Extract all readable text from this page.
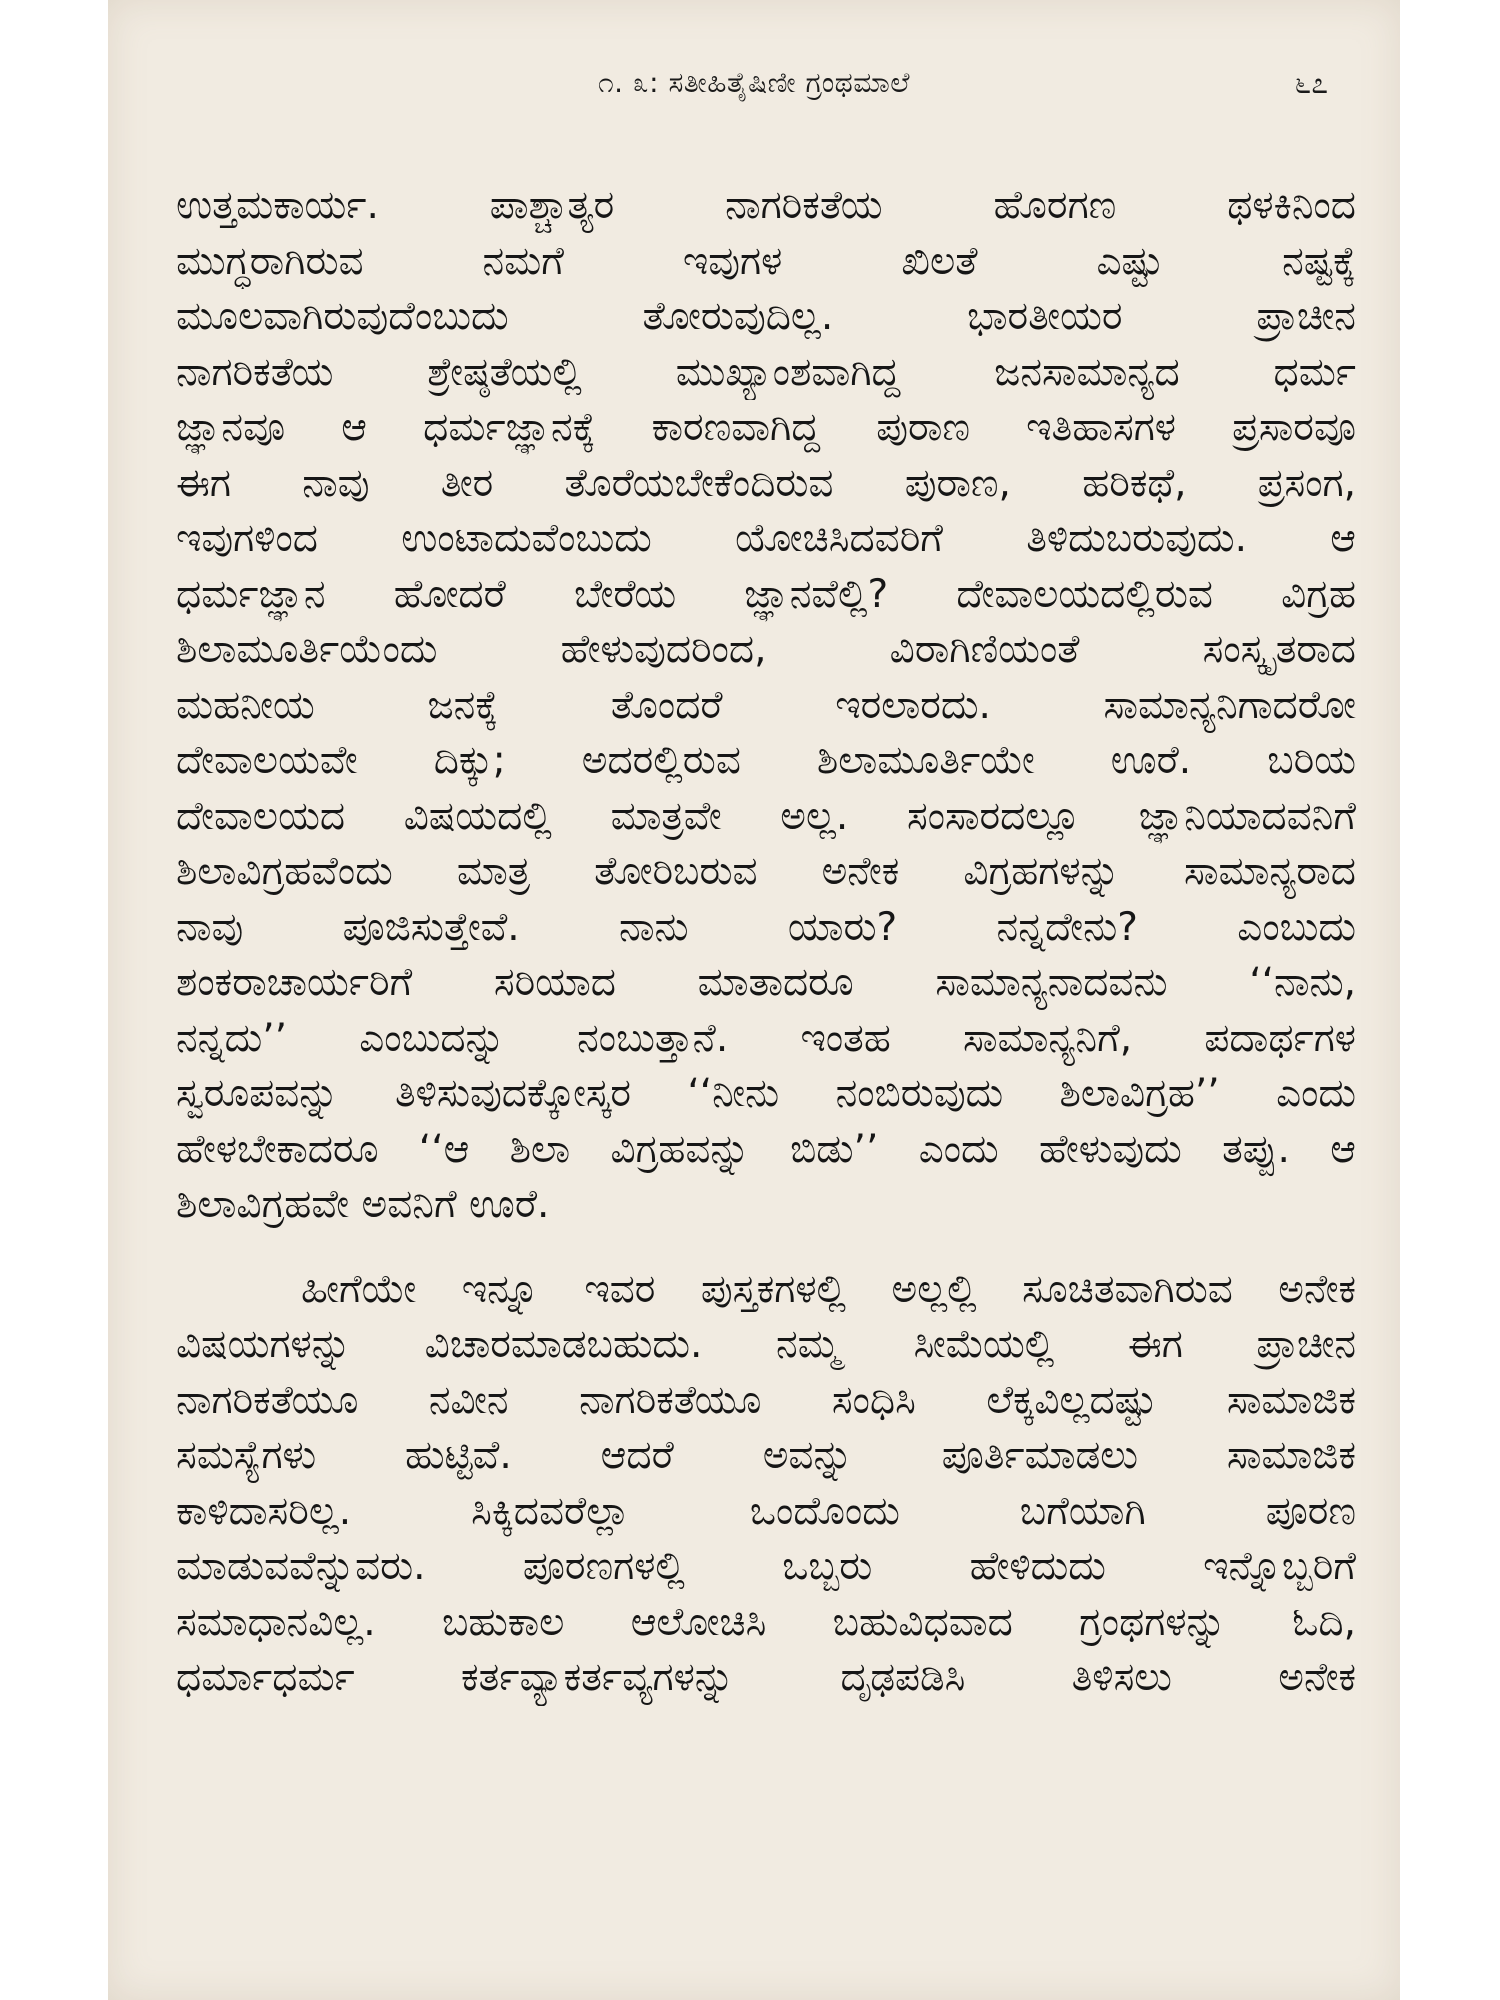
೧. ೩: ಸತೀಹಿತೈಷಿಣೀ ಗ್ರಂಥಮಾಲೆ	೬೭
ಉತ್ತಮಕಾರ್ಯ. ಪಾಶ್ಚಾತ್ಯರ ನಾಗರಿಕತೆಯ ಹೊರಗಣ ಥಳಕಿನಿಂದ
ಮುಗ್ಧರಾಗಿರುವ ನಮಗೆ ಇವುಗಳ ಖಿಲತೆ ಎಷ್ಟು ನಷ್ಟಕ್ಕೆ
ಮೂಲವಾಗಿರುವುದೆಂಬುದು ತೋರುವುದಿಲ್ಲ. ಭಾರತೀಯರ ಪ್ರಾಚೀನ
ನಾಗರಿಕತೆಯ ಶ್ರೇಷ್ಠತೆಯಲ್ಲಿ ಮುಖ್ಯಾಂಶವಾಗಿದ್ದ ಜನಸಾಮಾನ್ಯದ ಧರ್ಮ
ಜ್ಞಾನವೂ ಆ ಧರ್ಮಜ್ಞಾನಕ್ಕೆ ಕಾರಣವಾಗಿದ್ದ ಪುರಾಣ ಇತಿಹಾಸಗಳ ಪ್ರಸಾರವೂ
ಈಗ ನಾವು ತೀರ ತೊರೆಯಬೇಕೆಂದಿರುವ ಪುರಾಣ, ಹರಿಕಥೆ, ಪ್ರಸಂಗ,
ಇವುಗಳಿಂದ ಉಂಟಾದುವೆಂಬುದು ಯೋಚಿಸಿದವರಿಗೆ ತಿಳಿದುಬರುವುದು. ಆ
ಧರ್ಮಜ್ಞಾನ ಹೋದರೆ ಬೇರೆಯ ಜ್ಞಾನವೆಲ್ಲಿ? ದೇವಾಲಯದಲ್ಲಿರುವ ವಿಗ್ರಹ
ಶಿಲಾಮೂರ್ತಿಯೆಂದು ಹೇಳುವುದರಿಂದ, ವಿರಾಗಿಣಿಯಂತೆ ಸಂಸ್ಕೃತರಾದ
ಮಹನೀಯ ಜನಕ್ಕೆ ತೊಂದರೆ ಇರಲಾರದು. ಸಾಮಾನ್ಯನಿಗಾದರೋ
ದೇವಾಲಯವೇ ದಿಕ್ಕು; ಅದರಲ್ಲಿರುವ ಶಿಲಾಮೂರ್ತಿಯೇ ಊರೆ. ಬರಿಯ
ದೇವಾಲಯದ ವಿಷಯದಲ್ಲಿ ಮಾತ್ರವೇ ಅಲ್ಲ. ಸಂಸಾರದಲ್ಲೂ ಜ್ಞಾನಿಯಾದವನಿಗೆ
ಶಿಲಾವಿಗ್ರಹವೆಂದು ಮಾತ್ರ ತೋರಿಬರುವ ಅನೇಕ ವಿಗ್ರಹಗಳನ್ನು ಸಾಮಾನ್ಯರಾದ
ನಾವು ಪೂಜಿಸುತ್ತೇವೆ. ನಾನು ಯಾರು? ನನ್ನದೇನು? ಎಂಬುದು
ಶಂಕರಾಚಾರ್ಯರಿಗೆ ಸರಿಯಾದ ಮಾತಾದರೂ ಸಾಮಾನ್ಯನಾದವನು ‘‘ನಾನು,
ನನ್ನದು’’ ಎಂಬುದನ್ನು ನಂಬುತ್ತಾನೆ. ಇಂತಹ ಸಾಮಾನ್ಯನಿಗೆ, ಪದಾರ್ಥಗಳ
ಸ್ವರೂಪವನ್ನು ತಿಳಿಸುವುದಕ್ಕೋಸ್ಕರ ‘‘ನೀನು ನಂಬಿರುವುದು ಶಿಲಾವಿಗ್ರಹ’’ ಎಂದು
ಹೇಳಬೇಕಾದರೂ ‘‘ಆ ಶಿಲಾ ವಿಗ್ರಹವನ್ನು ಬಿಡು’’ ಎಂದು ಹೇಳುವುದು ತಪ್ಪು. ಆ
ಶಿಲಾವಿಗ್ರಹವೇ ಅವನಿಗೆ ಊರೆ.
ಹೀಗೆಯೇ ಇನ್ನೂ ಇವರ ಪುಸ್ತಕಗಳಲ್ಲಿ ಅಲ್ಲಲ್ಲಿ ಸೂಚಿತವಾಗಿರುವ ಅನೇಕ
ವಿಷಯಗಳನ್ನು ವಿಚಾರಮಾಡಬಹುದು. ನಮ್ಮ ಸೀಮೆಯಲ್ಲಿ ಈಗ ಪ್ರಾಚೀನ
ನಾಗರಿಕತೆಯೂ ನವೀನ ನಾಗರಿಕತೆಯೂ ಸಂಧಿಸಿ ಲೆಕ್ಕವಿಲ್ಲದಷ್ಟು ಸಾಮಾಜಿಕ
ಸಮಸ್ಯೆಗಳು ಹುಟ್ಟಿವೆ. ಆದರೆ ಅವನ್ನು ಪೂರ್ತಿಮಾಡಲು ಸಾಮಾಜಿಕ
ಕಾಳಿದಾಸರಿಲ್ಲ. ಸಿಕ್ಕಿದವರೆಲ್ಲಾ ಒಂದೊಂದು ಬಗೆಯಾಗಿ ಪೂರಣ
ಮಾಡುವವೆನ್ನುವರು. ಪೂರಣಗಳಲ್ಲಿ ಒಬ್ಬರು ಹೇಳಿದುದು ಇನ್ನೊಬ್ಬರಿಗೆ
ಸಮಾಧಾನವಿಲ್ಲ. ಬಹುಕಾಲ ಆಲೋಚಿಸಿ ಬಹುವಿಧವಾದ ಗ್ರಂಥಗಳನ್ನು ಓದಿ,
ಧರ್ಮಾಧರ್ಮ ಕರ್ತವ್ಯಾಕರ್ತವ್ಯಗಳನ್ನು ದೃಢಪಡಿಸಿ ತಿಳಿಸಲು ಅನೇಕ
